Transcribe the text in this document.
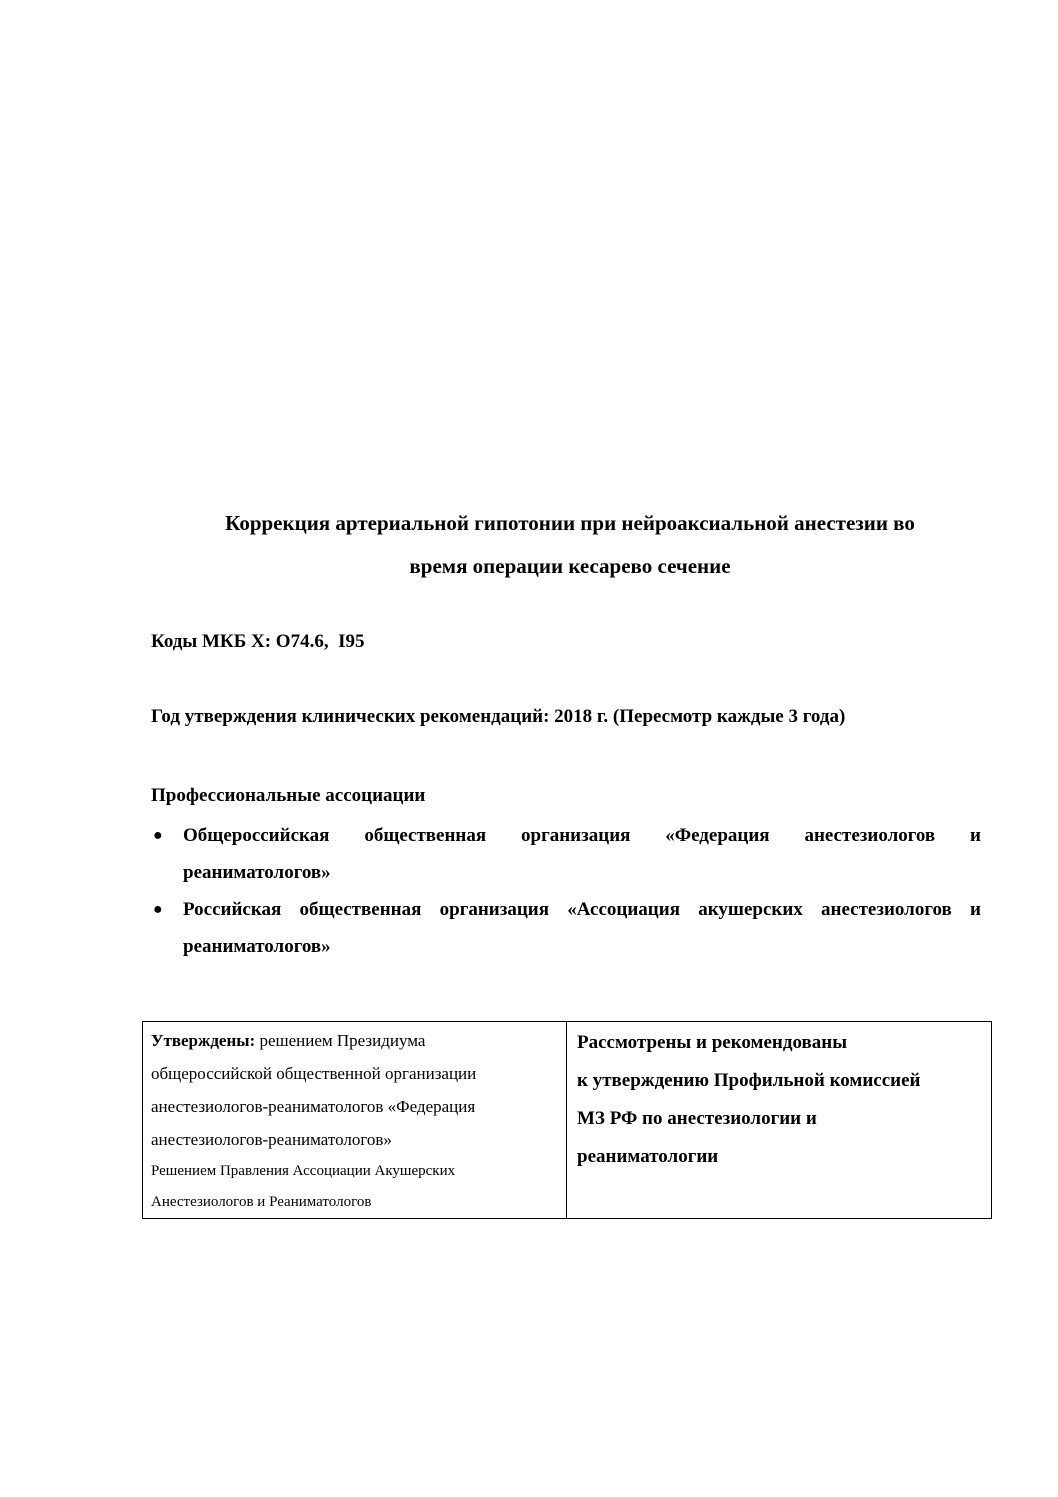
Коррекция артериальной гипотонии при нейроаксиальной анестезии во
время операции кесарево сечение
Коды МКБ X: О74.6,  I95
Год утверждения клинических рекомендаций: 2018 г. (Пересмотр каждые 3 года)
Профессиональные ассоциации
● Общероссийская общественная организация «Федерация анестезиологов и реаниматологов»
● Российская общественная организация «Ассоциация акушерских анестезиологов и реаниматологов»
Утверждены: решением Президиума
общероссийской общественной организации
анестезиологов-реаниматологов «Федерация
анестезиологов-реаниматологов»
Решением Правления Ассоциации Акушерских
Анестезиологов и Реаниматологов
Рассмотрены и рекомендованы
к утверждению Профильной комиссией
МЗ РФ по анестезиологии и
реаниматологии
